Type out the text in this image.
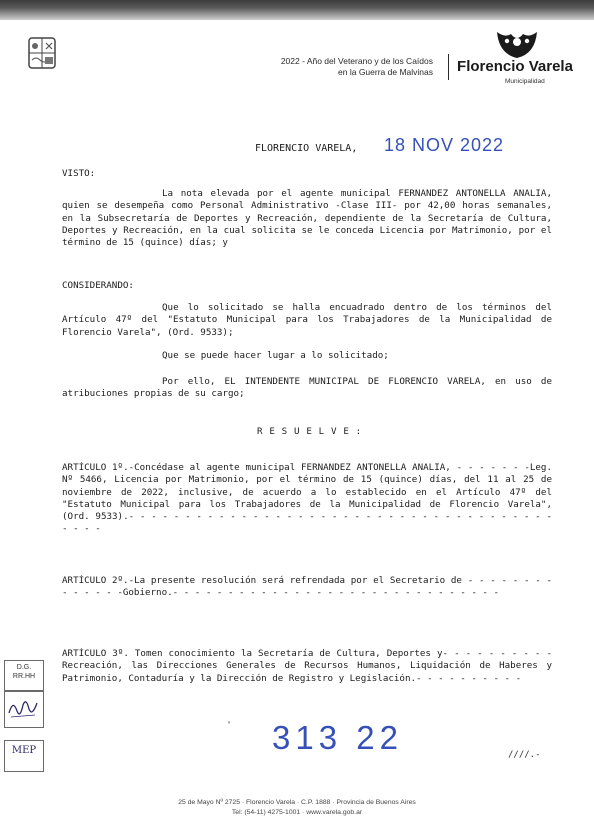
2022 - Año del Veterano y de los Caídos
en la Guerra de Malvinas Florencio Varela
Municipalidad
FLORENCIO VARELA, 18 NOV 2022
VISTO:

La nota elevada por el agente municipal FERNANDEZ ANTONELLA ANALIA, quien se desempeña como Personal Administrativo -Clase III- por 42,00 horas semanales, en la Subsecretaría de Deportes y Recreación, dependiente de la Secretaría de Cultura, Deportes y Recreación, en la cual solicita se le conceda Licencia por Matrimonio, por el término de 15 (quince) días; y

CONSIDERANDO:

Que lo solicitado se halla encuadrado dentro de los términos del Artículo 47º del "Estatuto Municipal para los Trabajadores de la Municipalidad de Florencio Varela", (Ord. 9533);

Que se puede hacer lugar a lo solicitado;

Por ello, EL INTENDENTE MUNICIPAL DE FLORENCIO VARELA, en uso de atribuciones propias de su cargo;

RESUELVE:

ARTÍCULO 1º.-Concédase al agente municipal FERNANDEZ ANTONELLA ANALIA, - - - - - - -Leg. Nº 5466, Licencia por Matrimonio, por el término de 15 (quince) días, del 11 al 25 de noviembre de 2022, inclusive, de acuerdo a lo establecido en el Artículo 47º del "Estatuto Municipal para los Trabajadores de la Municipalidad de Florencio Varela", (Ord. 9533).- - - - - - - - - - - - - - - - - - - - - - - - - - - - - - - - - - - - - - - - - -

ARTÍCULO 2º.-La presente resolución será refrendada por el Secretario de - - - - - - - - - - - - - -Gobierno.- - - - - - - - - - - - - - - - - - - - - - - - - - - - - -

ARTÍCULO 3º. Tomen conocimiento la Secretaría de Cultura, Deportes y- - - - - - - - - -Recreación, las Direcciones Generales de Recursos Humanos, Liquidación de Haberes y Patrimonio, Contaduría y la Dirección de Registro y Legislación.- - - - - - - - - -

D.G. RR.HH
MEP
' 313 22	////.-
25 de Mayo Nº 2725 · Florencio Varela · C.P. 1888 · Provincia de Buenos Aires
Tel: (54-11) 4275-1001 · www.varela.gob.ar
